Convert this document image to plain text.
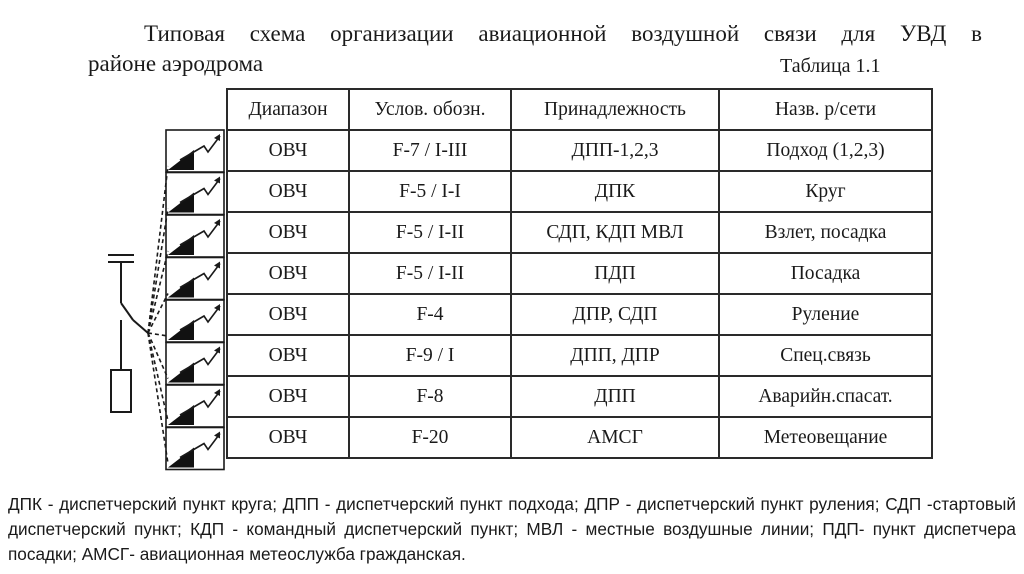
Типовая схема организации авиационной воздушной связи для УВД в
районе аэродрома	Таблица 1.1
Диапазон	Услов. обозн.	Принадлежность	Назв. р/сети
ОВЧ	F-7 / I-III	ДПП-1,2,3	Подход (1,2,3)
ОВЧ	F-5 / I-I	ДПК	Круг
ОВЧ	F-5 / I-II	СДП, КДП МВЛ	Взлет, посадка
ОВЧ	F-5 / I-II	ПДП	Посадка
ОВЧ	F-4	ДПР, СДП	Руление
ОВЧ	F-9 / I	ДПП, ДПР	Спец.связь
ОВЧ	F-8	ДПП	Аварийн.спасат.
ОВЧ	F-20	АМСГ	Метеовещание
ДПК - диспетчерский пункт круга; ДПП - диспетчерский пункт подхода; ДПР - диспетчерский пункт руления; СДП -стартовый диспетчерский пункт; КДП - командный диспетчерский пункт; МВЛ - местные воздушные линии; ПДП- пункт диспетчера посадки; АМСГ- авиационная метеослужба гражданская.
